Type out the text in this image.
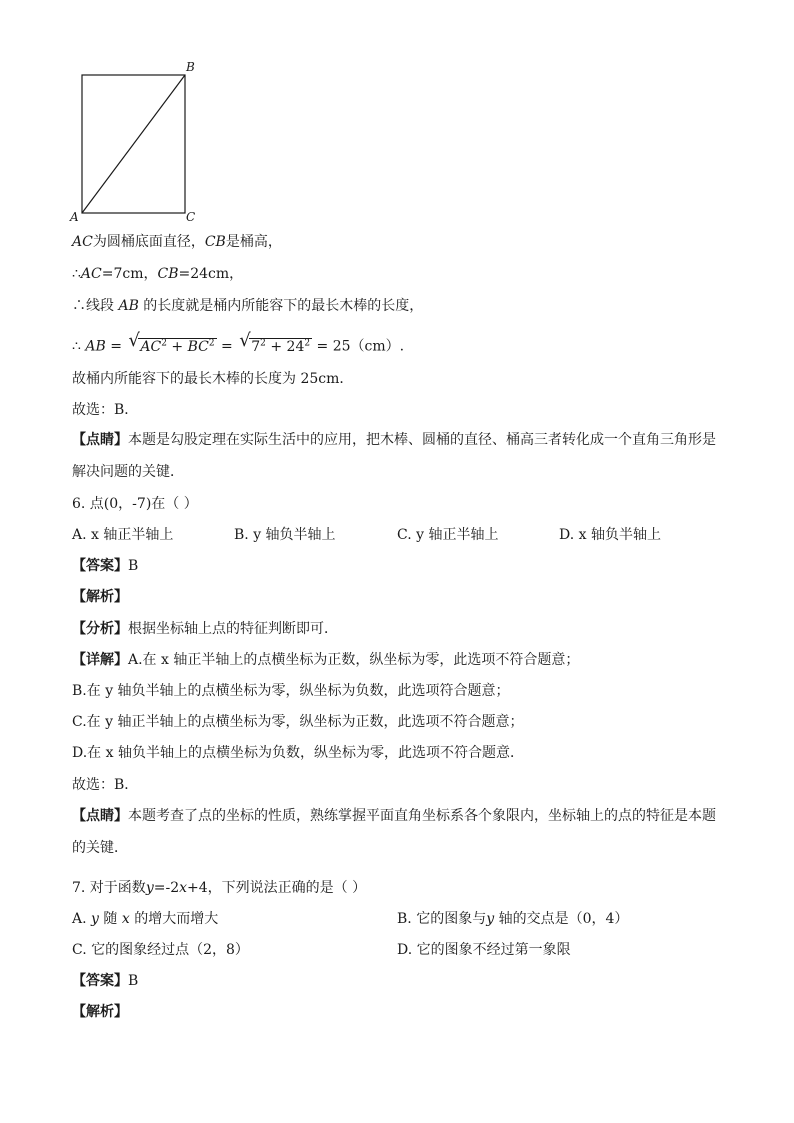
B
A	C
AC为圆桶底面直径，CB是桶高，
∴AC=7cm，CB=24cm，
∴线段 AB 的长度就是桶内所能容下的最长木棒的长度，
∴ AB = √ $AC^2 + BC^2$ = √ $7^2 + 24^2 = 25(cm)$.
故桶内所能容下的最长木棒的长度为 25cm．
故选：B．
【点睛】本题是勾股定理在实际生活中的应用，把木棒、圆桶的直径、桶高三者转化成一个直角三角形是
解决问题的关键．
6. 点(0，-7)在（ ）
A. x 轴正半轴上	B. y 轴负半轴上	C. y 轴正半轴上	D. x 轴负半轴上
【答案】B
【解析】
【分析】根据坐标轴上点的特征判断即可．
【详解】A.在 x 轴正半轴上的点横坐标为正数，纵坐标为零，此选项不符合题意；
B.在 y 轴负半轴上的点横坐标为零，纵坐标为负数，此选项符合题意；
C.在 y 轴正半轴上的点横坐标为零，纵坐标为正数，此选项不符合题意；
D.在 x 轴负半轴上的点横坐标为负数，纵坐标为零，此选项不符合题意．
故选：B．
【点睛】本题考查了点的坐标的性质，熟练掌握平面直角坐标系各个象限内，坐标轴上的点的特征是本题
的关键．
7. 对于函数y=-2x+4，下列说法正确的是（ ）
A. y 随 x 的增大而增大	B. 它的图象与y 轴的交点是（0，4）
C. 它的图象经过点（2，8）	D. 它的图象不经过第一象限
【答案】B
【解析】
